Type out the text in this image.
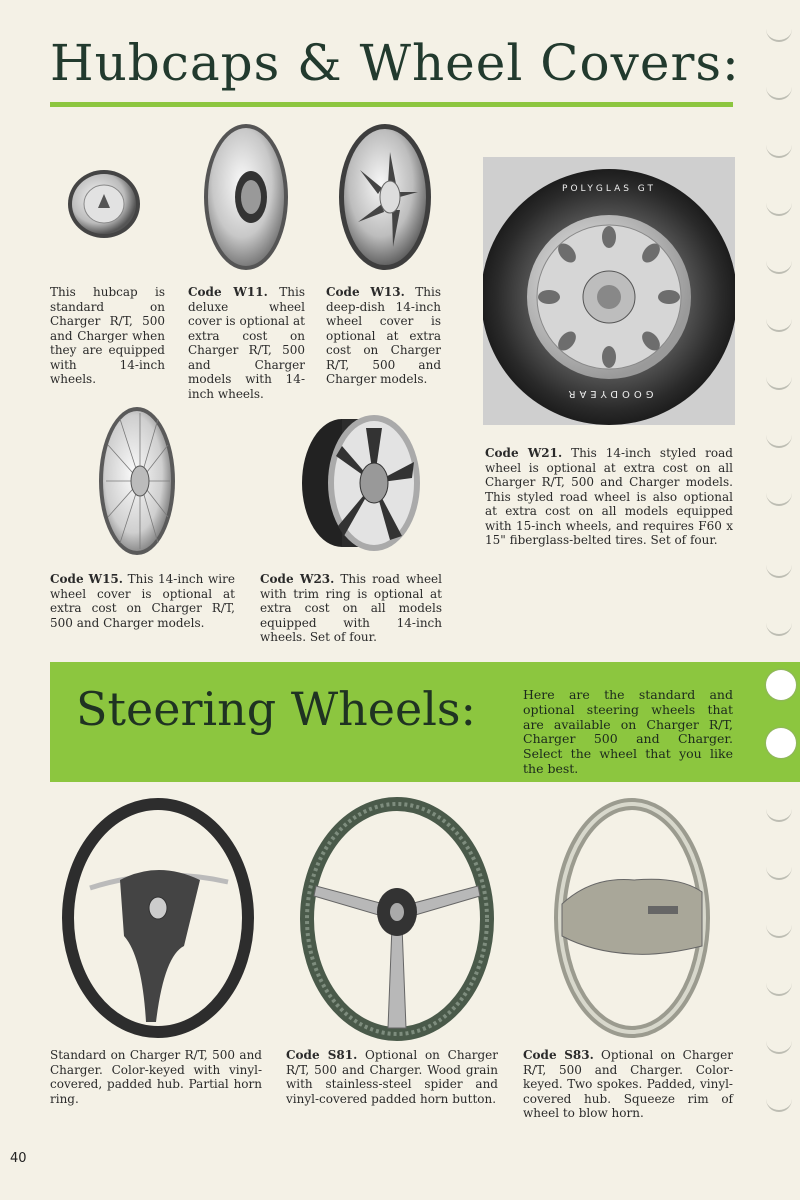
Hubcaps & Wheel Covers:
POLYGLAS GT
GOODYEAR
This hubcap is standard on Charger R/T, 500 and Charger when they are equipped with 14-inch wheels.
Code W11. This deluxe wheel cover is optional at extra cost on Charger R/T, 500 and Charger models with 14-inch wheels.
Code W13. This deep-dish 14-inch wheel cover is optional at extra cost on Charger R/T, 500 and Charger models.
Code W21. This 14-inch styled road wheel is optional at extra cost on all Charger R/T, 500 and Charger models. This styled road wheel is also optional at extra cost on all models equipped with 15-inch wheels, and requires F60 x 15" fiberglass-belted tires. Set of four.
Code W15. This 14-inch wire wheel cover is optional at extra cost on Charger R/T, 500 and Charger models.
Code W23. This road wheel with trim ring is optional at extra cost on all models equipped with 14-inch wheels. Set of four.
Steering Wheels:	Here are the standard and optional steering wheels that are available on Charger R/T, Charger 500 and Charger. Select the wheel that you like the best.
Standard on Charger R/T, 500 and Charger. Color-keyed with vinyl-covered, padded hub. Partial horn ring.
Code S81. Optional on Charger R/T, 500 and Charger. Wood grain with stainless-steel spider and vinyl-covered padded horn button.
Code S83. Optional on Charger R/T, 500 and Charger. Color-keyed. Two spokes. Padded, vinyl-covered hub. Squeeze rim of wheel to blow horn.
40
